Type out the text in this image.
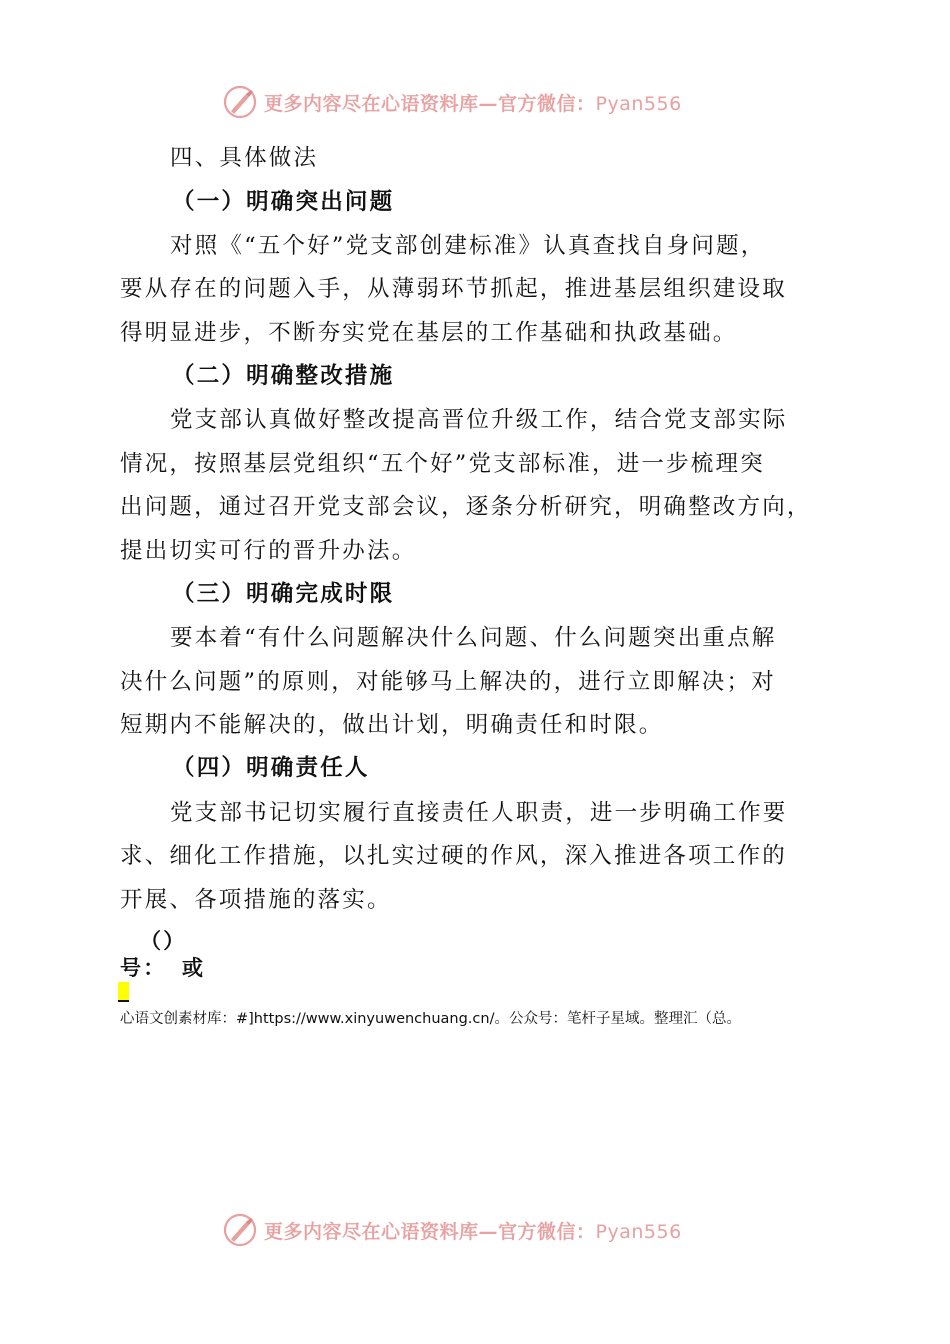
更多内容尽在心语资料库—官方微信：Pyan556
四、具体做法
（一）明确突出问题
对照《“五个好”党支部创建标准》认真查找自身问题，
要从存在的问题入手，从薄弱环节抓起，推进基层组织建设取
得明显进步，不断夯实党在基层的工作基础和执政基础。
（二）明确整改措施
党支部认真做好整改提高晋位升级工作，结合党支部实际
情况，按照基层党组织“五个好”党支部标准，进一步梳理突
出问题，通过召开党支部会议，逐条分析研究，明确整改方向，
提出切实可行的晋升办法。
（三）明确完成时限
要本着“有什么问题解决什么问题、什么问题突出重点解
决什么问题”的原则，对能够马上解决的，进行立即解决；对
短期内不能解决的，做出计划，明确责任和时限。
（四）明确责任人
党支部书记切实履行直接责任人职责，进一步明确工作要
求、细化工作措施，以扎实过硬的作风，深入推进各项工作的
开展、各项措施的落实。
（）
号： 或
心语文创素材库：#]https://www.xinyuwenchuang.cn/。公众号：笔杆子星域。整理汇（总。
更多内容尽在心语资料库—官方微信：Pyan556
